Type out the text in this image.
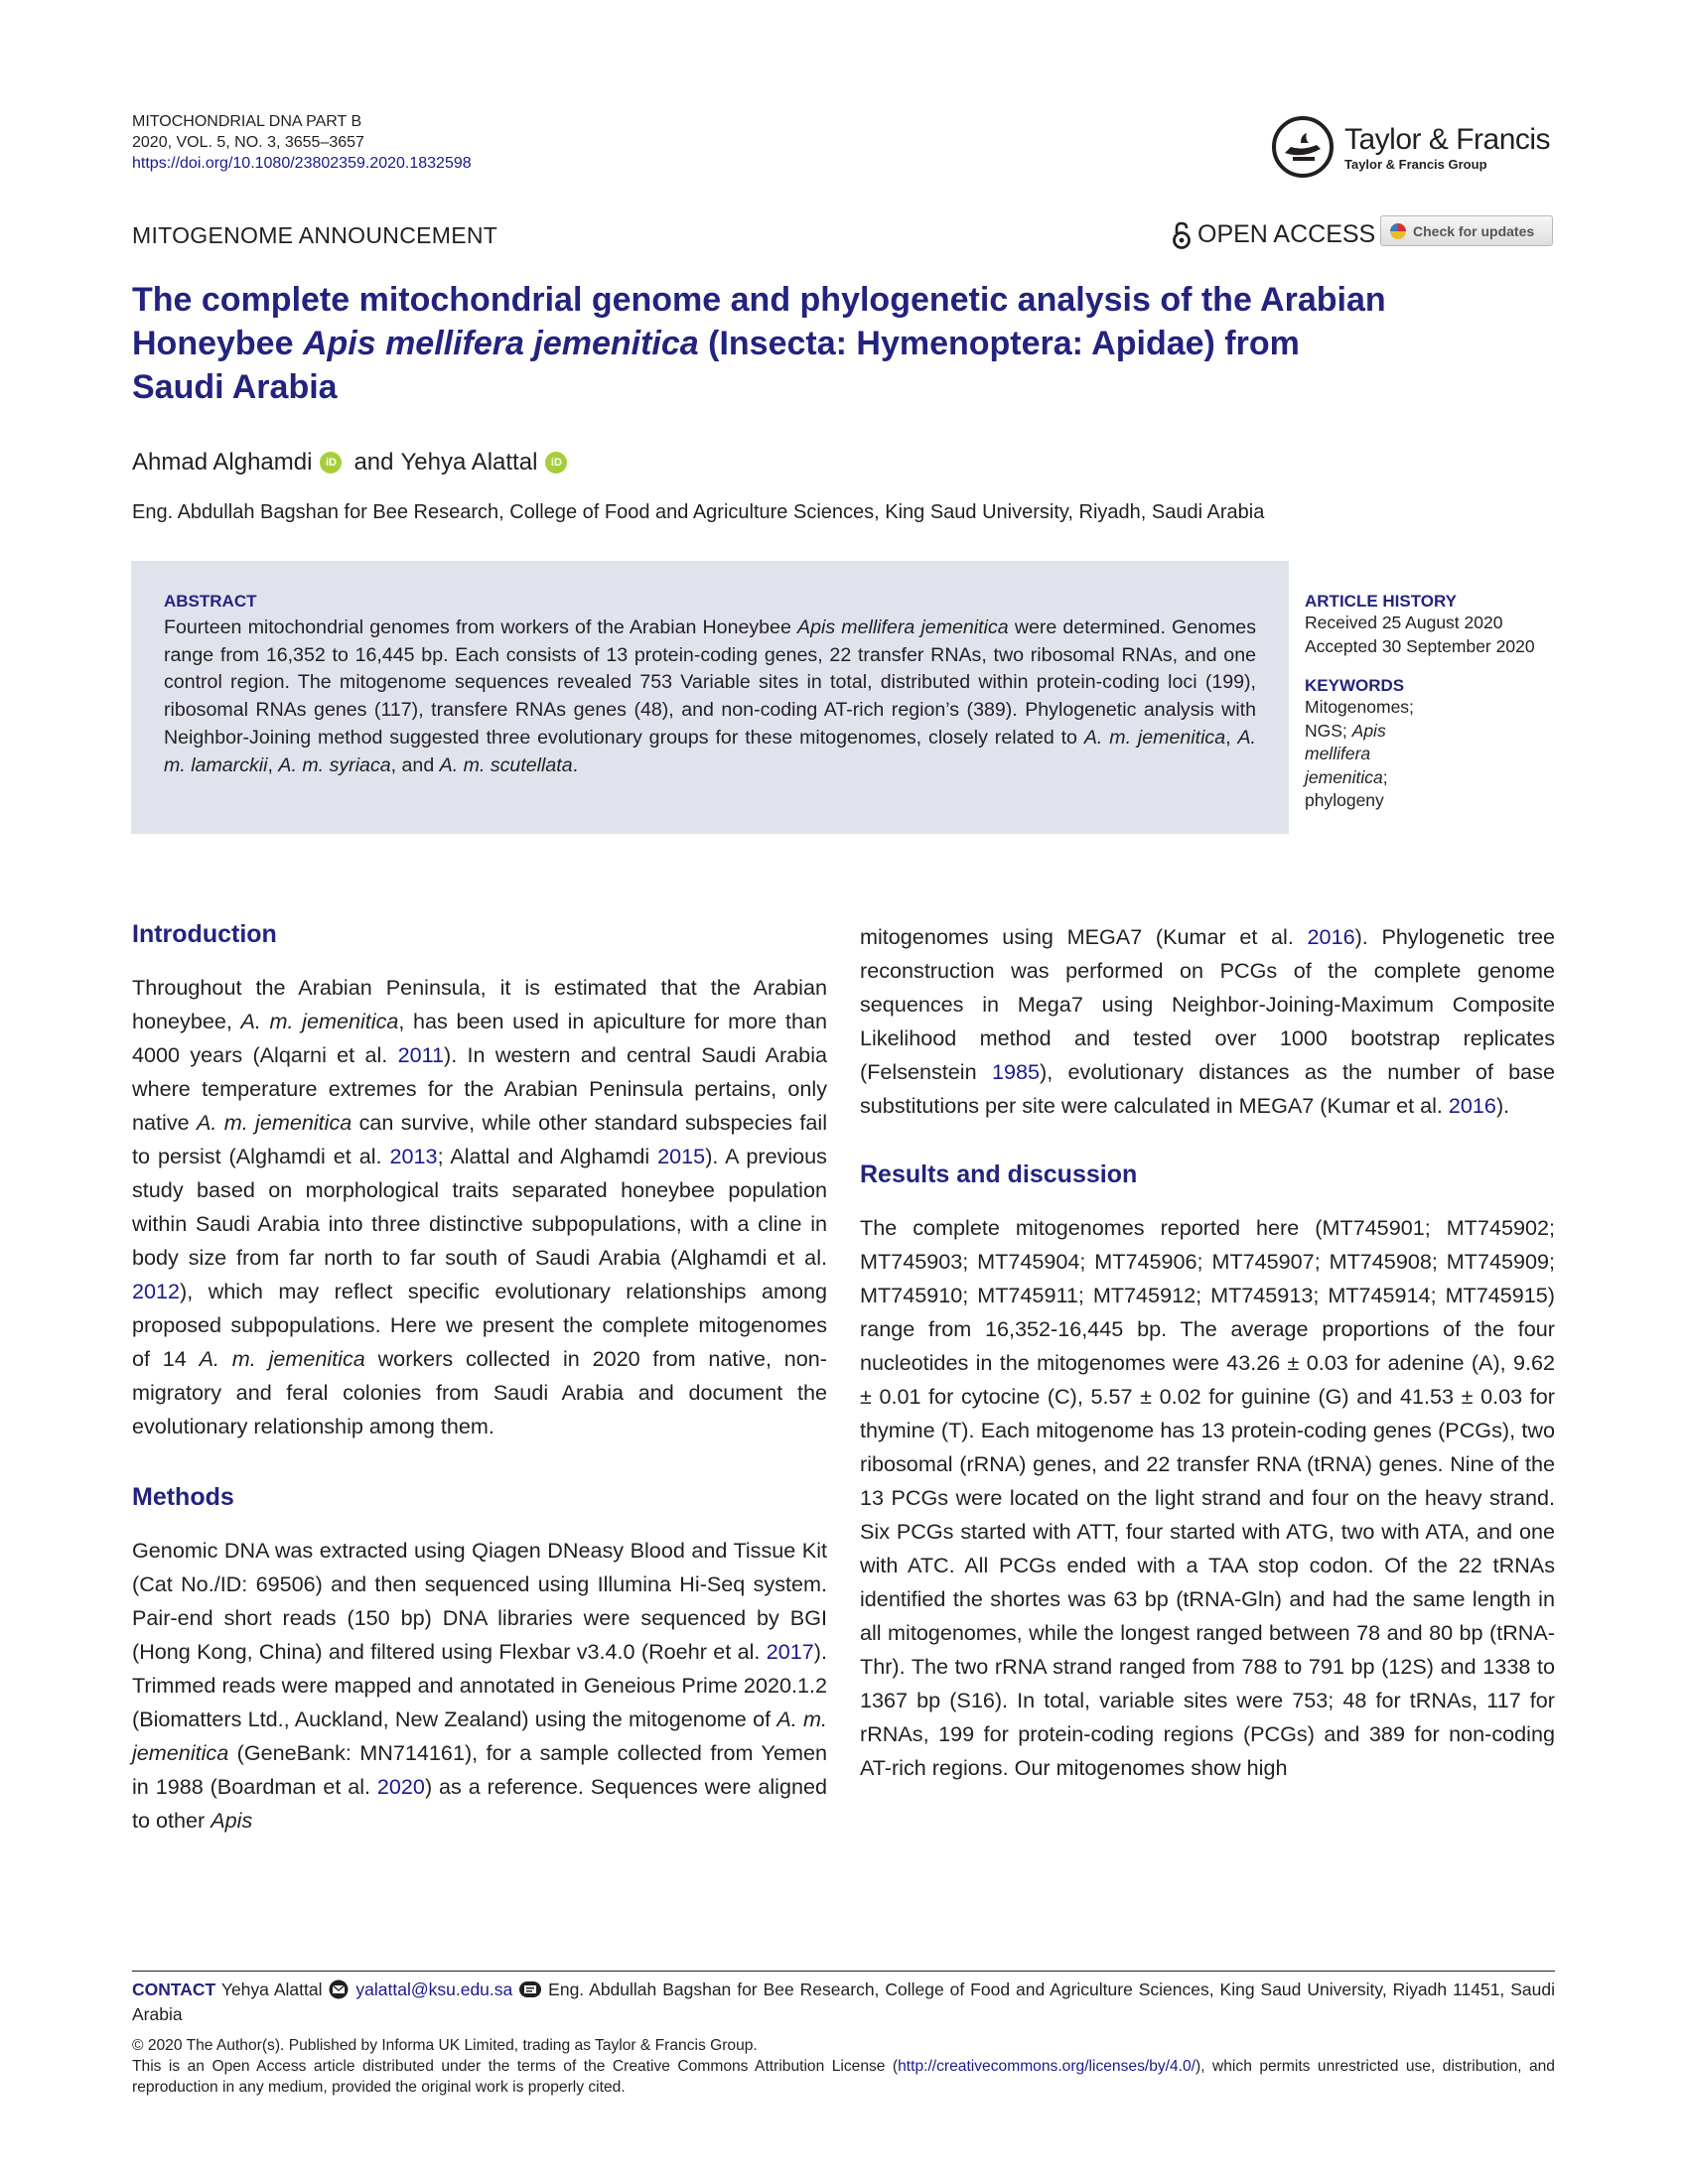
MITOCHONDRIAL DNA PART B
2020, VOL. 5, NO. 3, 3655–3657
https://doi.org/10.1080/23802359.2020.1832598
Taylor & Francis
Taylor & Francis Group
MITOGENOME ANNOUNCEMENT	OPEN ACCESS	Check for updates
The complete mitochondrial genome and phylogenetic analysis of the Arabian
Honeybee Apis mellifera jemenitica (Insecta: Hymenoptera: Apidae) from
Saudi Arabia
Ahmad Alghamdi	iD and Yehya Alattal	iD
Eng. Abdullah Bagshan for Bee Research, College of Food and Agriculture Sciences, King Saud University, Riyadh, Saudi Arabia
ABSTRACT
Fourteen mitochondrial genomes from workers of the Arabian Honeybee Apis mellifera jemenitica were determined. Genomes range from 16,352 to 16,445 bp. Each consists of 13 protein-coding genes, 22 transfer RNAs, two ribosomal RNAs, and one control region. The mitogenome sequences revealed 753 Variable sites in total, distributed within protein-coding loci (199), ribosomal RNAs genes (117), transfere RNAs genes (48), and non-coding AT-rich region’s (389). Phylogenetic analysis with Neighbor-Joining method suggested three evolutionary groups for these mitogenomes, closely related to A. m. jemenitica, A. m. lamarckii, A. m. syriaca, and A. m. scutellata.
ARTICLE HISTORY
Received 25 August 2020
Accepted 30 September 2020
KEYWORDS
Mitogenomes; NGS; Apis mellifera jemenitica; phylogeny
Introduction
Throughout the Arabian Peninsula, it is estimated that the Arabian honeybee, A. m. jemenitica, has been used in apiculture for more than 4000 years (Alqarni et al. 2011). In western and central Saudi Arabia where temperature extremes for the Arabian Peninsula pertains, only native A. m. jemenitica can survive, while other standard subspecies fail to persist (Alghamdi et al. 2013; Alattal and Alghamdi 2015). A previous study based on morphological traits separated honeybee population within Saudi Arabia into three distinctive subpopulations, with a cline in body size from far north to far south of Saudi Arabia (Alghamdi et al. 2012), which may reflect specific evolutionary relationships among proposed subpopulations. Here we present the complete mitogenomes of 14 A. m. jemenitica workers collected in 2020 from native, non-migratory and feral colonies from Saudi Arabia and document the evolutionary relationship among them.
Methods
Genomic DNA was extracted using Qiagen DNeasy Blood and Tissue Kit (Cat No./ID: 69506) and then sequenced using Illumina Hi-Seq system. Pair-end short reads (150 bp) DNA libraries were sequenced by BGI (Hong Kong, China) and filtered using Flexbar v3.4.0 (Roehr et al. 2017). Trimmed reads were mapped and annotated in Geneious Prime 2020.1.2 (Biomatters Ltd., Auckland, New Zealand) using the mitogenome of A. m. jemenitica (GeneBank: MN714161), for a sample collected from Yemen in 1988 (Boardman et al. 2020) as a reference. Sequences were aligned to other Apis
mitogenomes using MEGA7 (Kumar et al. 2016). Phylogenetic tree reconstruction was performed on PCGs of the complete genome sequences in Mega7 using Neighbor-Joining-Maximum Composite Likelihood method and tested over 1000 bootstrap replicates (Felsenstein 1985), evolutionary distances as the number of base substitutions per site were calculated in MEGA7 (Kumar et al. 2016).
Results and discussion
The complete mitogenomes reported here (MT745901; MT745902; MT745903; MT745904; MT745906; MT745907; MT745908; MT745909; MT745910; MT745911; MT745912; MT745913; MT745914; MT745915) range from 16,352-16,445 bp. The average proportions of the four nucleotides in the mitogenomes were 43.26 ± 0.03 for adenine (A), 9.62 ± 0.01 for cytocine (C), 5.57 ± 0.02 for guinine (G) and 41.53 ± 0.03 for thymine (T). Each mitogenome has 13 protein-coding genes (PCGs), two ribosomal (rRNA) genes, and 22 transfer RNA (tRNA) genes. Nine of the 13 PCGs were located on the light strand and four on the heavy strand. Six PCGs started with ATT, four started with ATG, two with ATA, and one with ATC. All PCGs ended with a TAA stop codon. Of the 22 tRNAs identified the shortes was 63 bp (tRNA-Gln) and had the same length in all mitogenomes, while the longest ranged between 78 and 80 bp (tRNA-Thr). The two rRNA strand ranged from 788 to 791 bp (12S) and 1338 to 1367 bp (S16). In total, variable sites were 753; 48 for tRNAs, 117 for rRNAs, 199 for protein-coding regions (PCGs) and 389 for non-coding AT-rich regions. Our mitogenomes show high
CONTACT Yehya Alattal yalattal@ksu.edu.sa Eng. Abdullah Bagshan for Bee Research, College of Food and Agriculture Sciences, King Saud University, Riyadh 11451, Saudi Arabia
© 2020 The Author(s). Published by Informa UK Limited, trading as Taylor & Francis Group.
This is an Open Access article distributed under the terms of the Creative Commons Attribution License (http://creativecommons.org/licenses/by/4.0/), which permits unrestricted use, distribution, and reproduction in any medium, provided the original work is properly cited.
